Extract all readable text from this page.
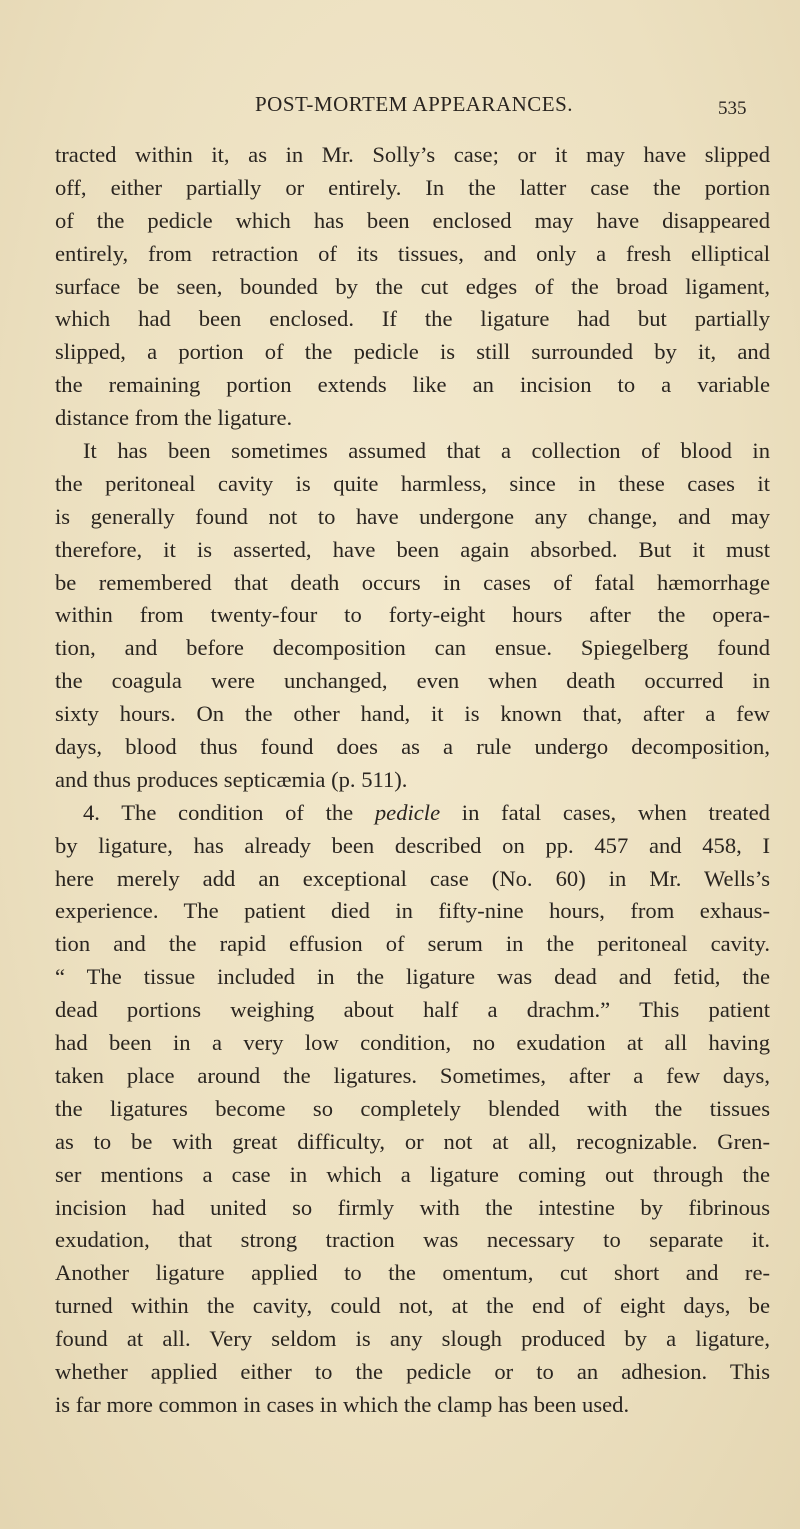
POST-MORTEM APPEARANCES.	535
tracted within it, as in Mr. Solly’s case; or it may have slipped
off, either partially or entirely. In the latter case the portion
of the pedicle which has been enclosed may have disappeared
entirely, from retraction of its tissues, and only a fresh elliptical
surface be seen, bounded by the cut edges of the broad ligament,
which had been enclosed. If the ligature had but partially
slipped, a portion of the pedicle is still surrounded by it, and
the remaining portion extends like an incision to a variable
distance from the ligature.
It has been sometimes assumed that a collection of blood in
the peritoneal cavity is quite harmless, since in these cases it
is generally found not to have undergone any change, and may
therefore, it is asserted, have been again absorbed. But it must
be remembered that death occurs in cases of fatal hæmorrhage
within from twenty-four to forty-eight hours after the opera-
tion, and before decomposition can ensue. Spiegelberg found
the coagula were unchanged, even when death occurred in
sixty hours. On the other hand, it is known that, after a few
days, blood thus found does as a rule undergo decomposition,
and thus produces septicæmia (p. 511).
4. The condition of the pedicle in fatal cases, when treated
by ligature, has already been described on pp. 457 and 458, I
here merely add an exceptional case (No. 60) in Mr. Wells’s
experience. The patient died in fifty-nine hours, from exhaus-
tion and the rapid effusion of serum in the peritoneal cavity.
“ The tissue included in the ligature was dead and fetid, the
dead portions weighing about half a drachm.” This patient
had been in a very low condition, no exudation at all having
taken place around the ligatures. Sometimes, after a few days,
the ligatures become so completely blended with the tissues
as to be with great difficulty, or not at all, recognizable. Gren-
ser mentions a case in which a ligature coming out through the
incision had united so firmly with the intestine by fibrinous
exudation, that strong traction was necessary to separate it.
Another ligature applied to the omentum, cut short and re-
turned within the cavity, could not, at the end of eight days, be
found at all. Very seldom is any slough produced by a ligature,
whether applied either to the pedicle or to an adhesion. This
is far more common in cases in which the clamp has been used.
